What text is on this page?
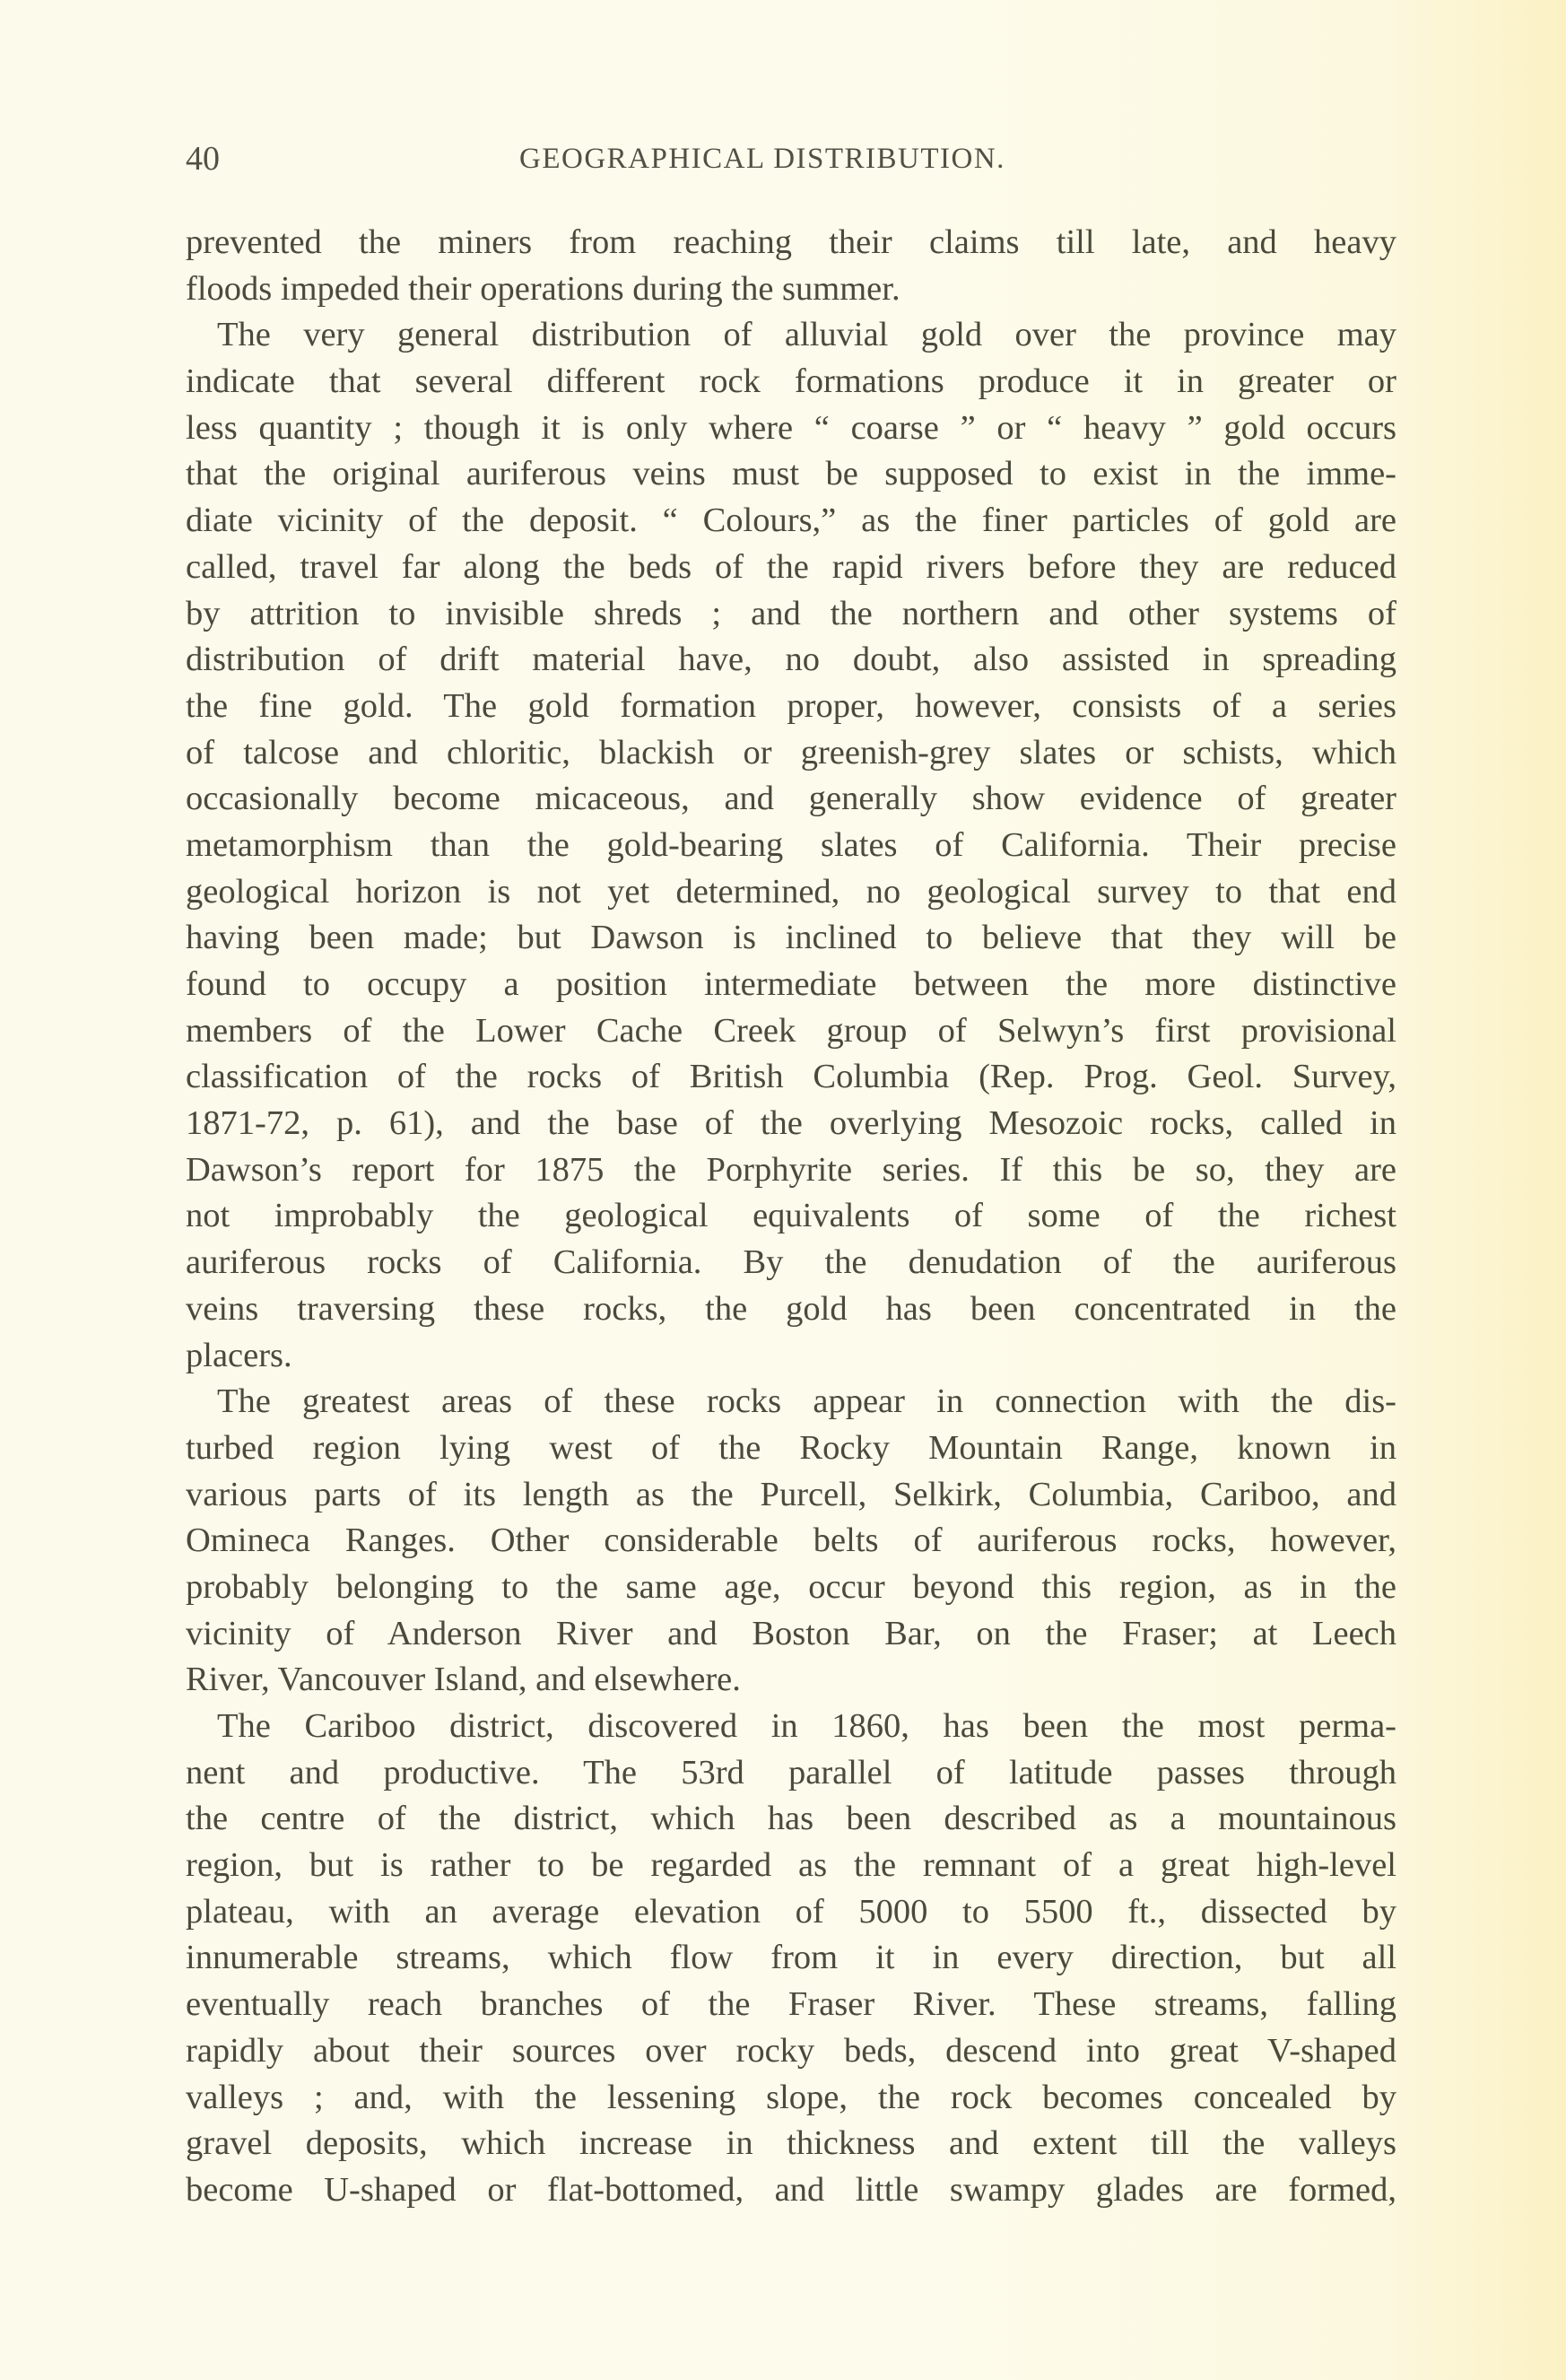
40	GEOGRAPHICAL DISTRIBUTION.
prevented the miners from reaching their claims till late, and heavy
floods impeded their operations during the summer.
The very general distribution of alluvial gold over the province may
indicate that several different rock formations produce it in greater or
less quantity ; though it is only where “ coarse ” or “ heavy ” gold occurs
that the original auriferous veins must be supposed to exist in the imme-
diate vicinity of the deposit. “ Colours,” as the finer particles of gold are
called, travel far along the beds of the rapid rivers before they are reduced
by attrition to invisible shreds ; and the northern and other systems of
distribution of drift material have, no doubt, also assisted in spreading
the fine gold. The gold formation proper, however, consists of a series
of talcose and chloritic, blackish or greenish-grey slates or schists, which
occasionally become micaceous, and generally show evidence of greater
metamorphism than the gold-bearing slates of California. Their precise
geological horizon is not yet determined, no geological survey to that end
having been made; but Dawson is inclined to believe that they will be
found to occupy a position intermediate between the more distinctive
members of the Lower Cache Creek group of Selwyn’s first provisional
classification of the rocks of British Columbia (Rep. Prog. Geol. Survey,
1871-72, p. 61), and the base of the overlying Mesozoic rocks, called in
Dawson’s report for 1875 the Porphyrite series. If this be so, they are
not improbably the geological equivalents of some of the richest
auriferous rocks of California. By the denudation of the auriferous
veins traversing these rocks, the gold has been concentrated in the
placers.
The greatest areas of these rocks appear in connection with the dis-
turbed region lying west of the Rocky Mountain Range, known in
various parts of its length as the Purcell, Selkirk, Columbia, Cariboo, and
Omineca Ranges. Other considerable belts of auriferous rocks, however,
probably belonging to the same age, occur beyond this region, as in the
vicinity of Anderson River and Boston Bar, on the Fraser; at Leech
River, Vancouver Island, and elsewhere.
The Cariboo district, discovered in 1860, has been the most perma-
nent and productive. The 53rd parallel of latitude passes through
the centre of the district, which has been described as a mountainous
region, but is rather to be regarded as the remnant of a great high-level
plateau, with an average elevation of 5000 to 5500 ft., dissected by
innumerable streams, which flow from it in every direction, but all
eventually reach branches of the Fraser River. These streams, falling
rapidly about their sources over rocky beds, descend into great V-shaped
valleys ; and, with the lessening slope, the rock becomes concealed by
gravel deposits, which increase in thickness and extent till the valleys
become U-shaped or flat-bottomed, and little swampy glades are formed,
